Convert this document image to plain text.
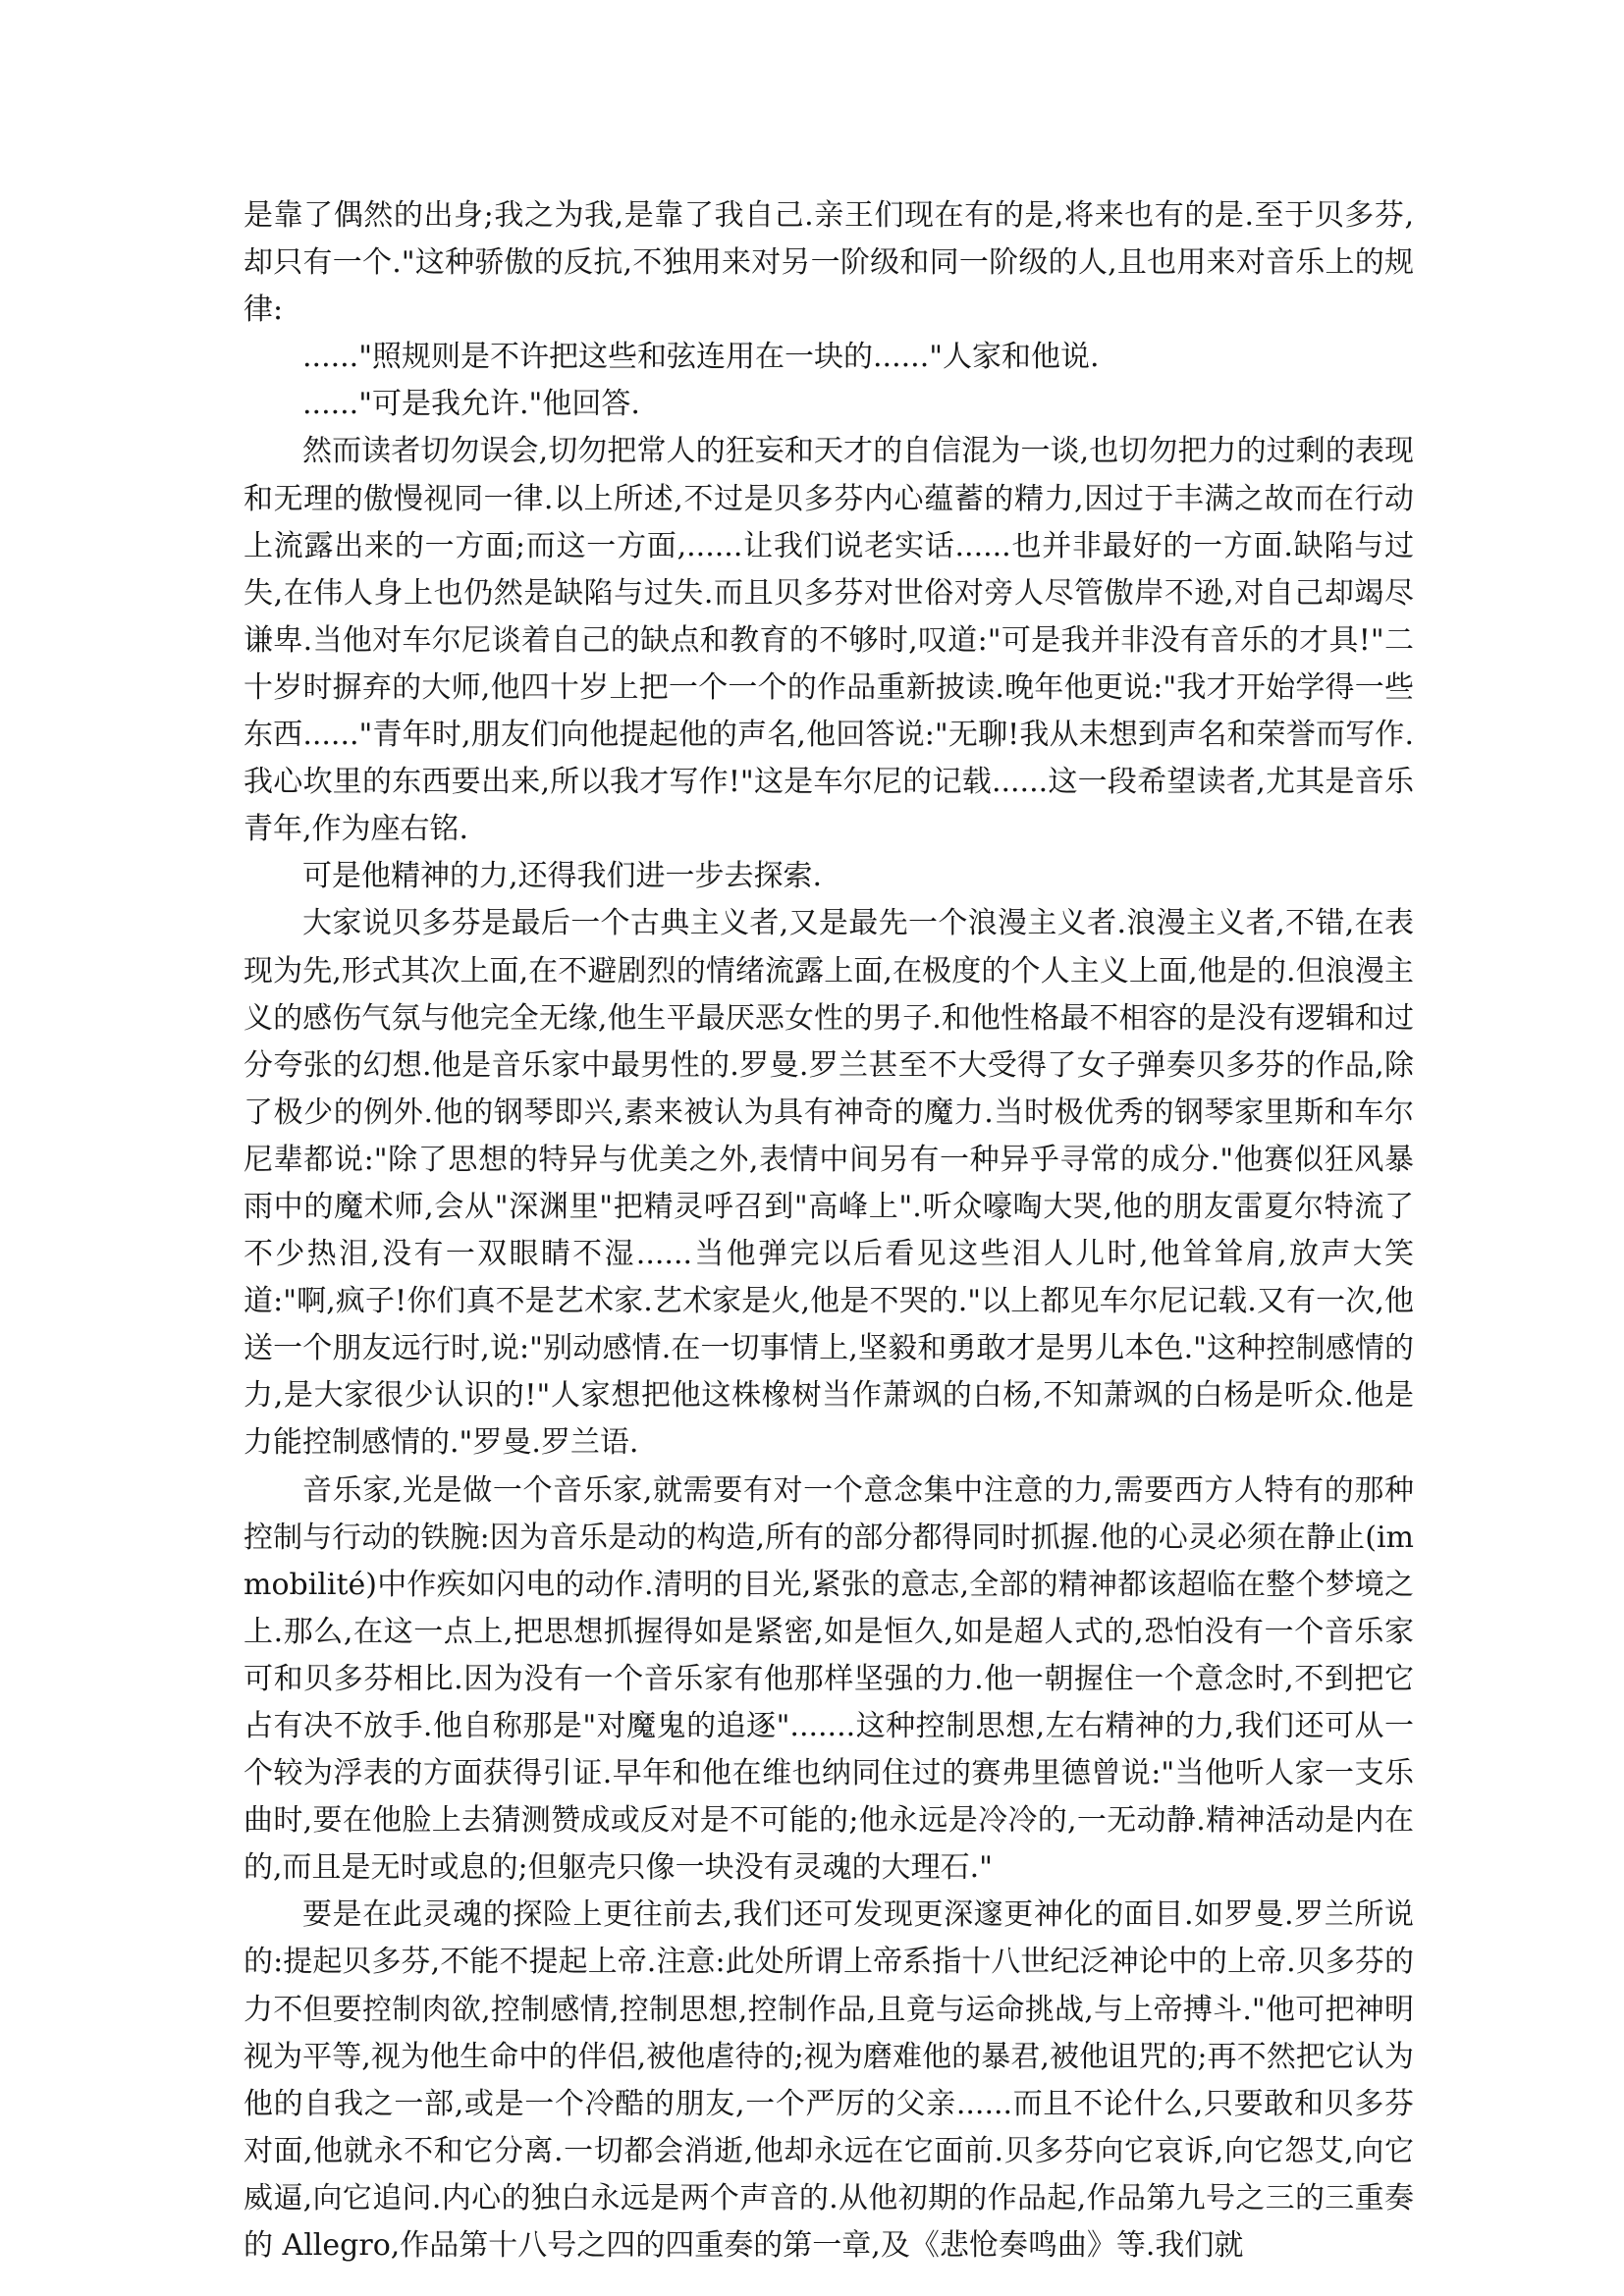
是靠了偶然的出身;我之为我,是靠了我自己.亲王们现在有的是,将来也有的是.至于贝多芬,却只有一个."这种骄傲的反抗,不独用来对另一阶级和同一阶级的人,且也用来对音乐上的规律:

......"照规则是不许把这些和弦连用在一块的......"人家和他说.

......"可是我允许."他回答.

然而读者切勿误会,切勿把常人的狂妄和天才的自信混为一谈,也切勿把力的过剩的表现和无理的傲慢视同一律.以上所述,不过是贝多芬内心蕴蓄的精力,因过于丰满之故而在行动上流露出来的一方面;而这一方面,......让我们说老实话......也并非最好的一方面.缺陷与过失,在伟人身上也仍然是缺陷与过失.而且贝多芬对世俗对旁人尽管傲岸不逊,对自己却竭尽谦卑.当他对车尔尼谈着自己的缺点和教育的不够时,叹道:"可是我并非没有音乐的才具!"二十岁时摒弃的大师,他四十岁上把一个一个的作品重新披读.晚年他更说:"我才开始学得一些东西......"青年时,朋友们向他提起他的声名,他回答说:"无聊!我从未想到声名和荣誉而写作.我心坎里的东西要出来,所以我才写作!"这是车尔尼的记载......这一段希望读者,尤其是音乐青年,作为座右铭.

可是他精神的力,还得我们进一步去探索.

大家说贝多芬是最后一个古典主义者,又是最先一个浪漫主义者.浪漫主义者,不错,在表现为先,形式其次上面,在不避剧烈的情绪流露上面,在极度的个人主义上面,他是的.但浪漫主义的感伤气氛与他完全无缘,他生平最厌恶女性的男子.和他性格最不相容的是没有逻辑和过分夸张的幻想.他是音乐家中最男性的.罗曼.罗兰甚至不大受得了女子弹奏贝多芬的作品,除了极少的例外.他的钢琴即兴,素来被认为具有神奇的魔力.当时极优秀的钢琴家里斯和车尔尼辈都说:"除了思想的特异与优美之外,表情中间另有一种异乎寻常的成分."他赛似狂风暴雨中的魔术师,会从"深渊里"把精灵呼召到"高峰上".听众嚎啕大哭,他的朋友雷夏尔特流了不少热泪,没有一双眼睛不湿......当他弹完以后看见这些泪人儿时,他耸耸肩,放声大笑道:"啊,疯子!你们真不是艺术家.艺术家是火,他是不哭的."以上都见车尔尼记载.又有一次,他送一个朋友远行时,说:"别动感情.在一切事情上,坚毅和勇敢才是男儿本色."这种控制感情的力,是大家很少认识的!"人家想把他这株橡树当作萧飒的白杨,不知萧飒的白杨是听众.他是力能控制感情的."罗曼.罗兰语.

音乐家,光是做一个音乐家,就需要有对一个意念集中注意的力,需要西方人特有的那种控制与行动的铁腕:因为音乐是动的构造,所有的部分都得同时抓握.他的心灵必须在静止(immobilité)中作疾如闪电的动作.清明的目光,紧张的意志,全部的精神都该超临在整个梦境之上.那么,在这一点上,把思想抓握得如是紧密,如是恒久,如是超人式的,恐怕没有一个音乐家可和贝多芬相比.因为没有一个音乐家有他那样坚强的力.他一朝握住一个意念时,不到把它占有决不放手.他自称那是"对魔鬼的追逐".......这种控制思想,左右精神的力,我们还可从一个较为浮表的方面获得引证.早年和他在维也纳同住过的赛弗里德曾说:"当他听人家一支乐曲时,要在他脸上去猜测赞成或反对是不可能的;他永远是冷冷的,一无动静.精神活动是内在的,而且是无时或息的;但躯壳只像一块没有灵魂的大理石."

要是在此灵魂的探险上更往前去,我们还可发现更深邃更神化的面目.如罗曼.罗兰所说的:提起贝多芬,不能不提起上帝.注意:此处所谓上帝系指十八世纪泛神论中的上帝.贝多芬的力不但要控制肉欲,控制感情,控制思想,控制作品,且竟与运命挑战,与上帝搏斗."他可把神明视为平等,视为他生命中的伴侣,被他虐待的;视为磨难他的暴君,被他诅咒的;再不然把它认为他的自我之一部,或是一个冷酷的朋友,一个严厉的父亲......而且不论什么,只要敢和贝多芬对面,他就永不和它分离.一切都会消逝,他却永远在它面前.贝多芬向它哀诉,向它怨艾,向它威逼,向它追问.内心的独白永远是两个声音的.从他初期的作品起,作品第九号之三的三重奏的 Allegro,作品第十八号之四的四重奏的第一章,及《悲怆奏鸣曲》等.我们就
